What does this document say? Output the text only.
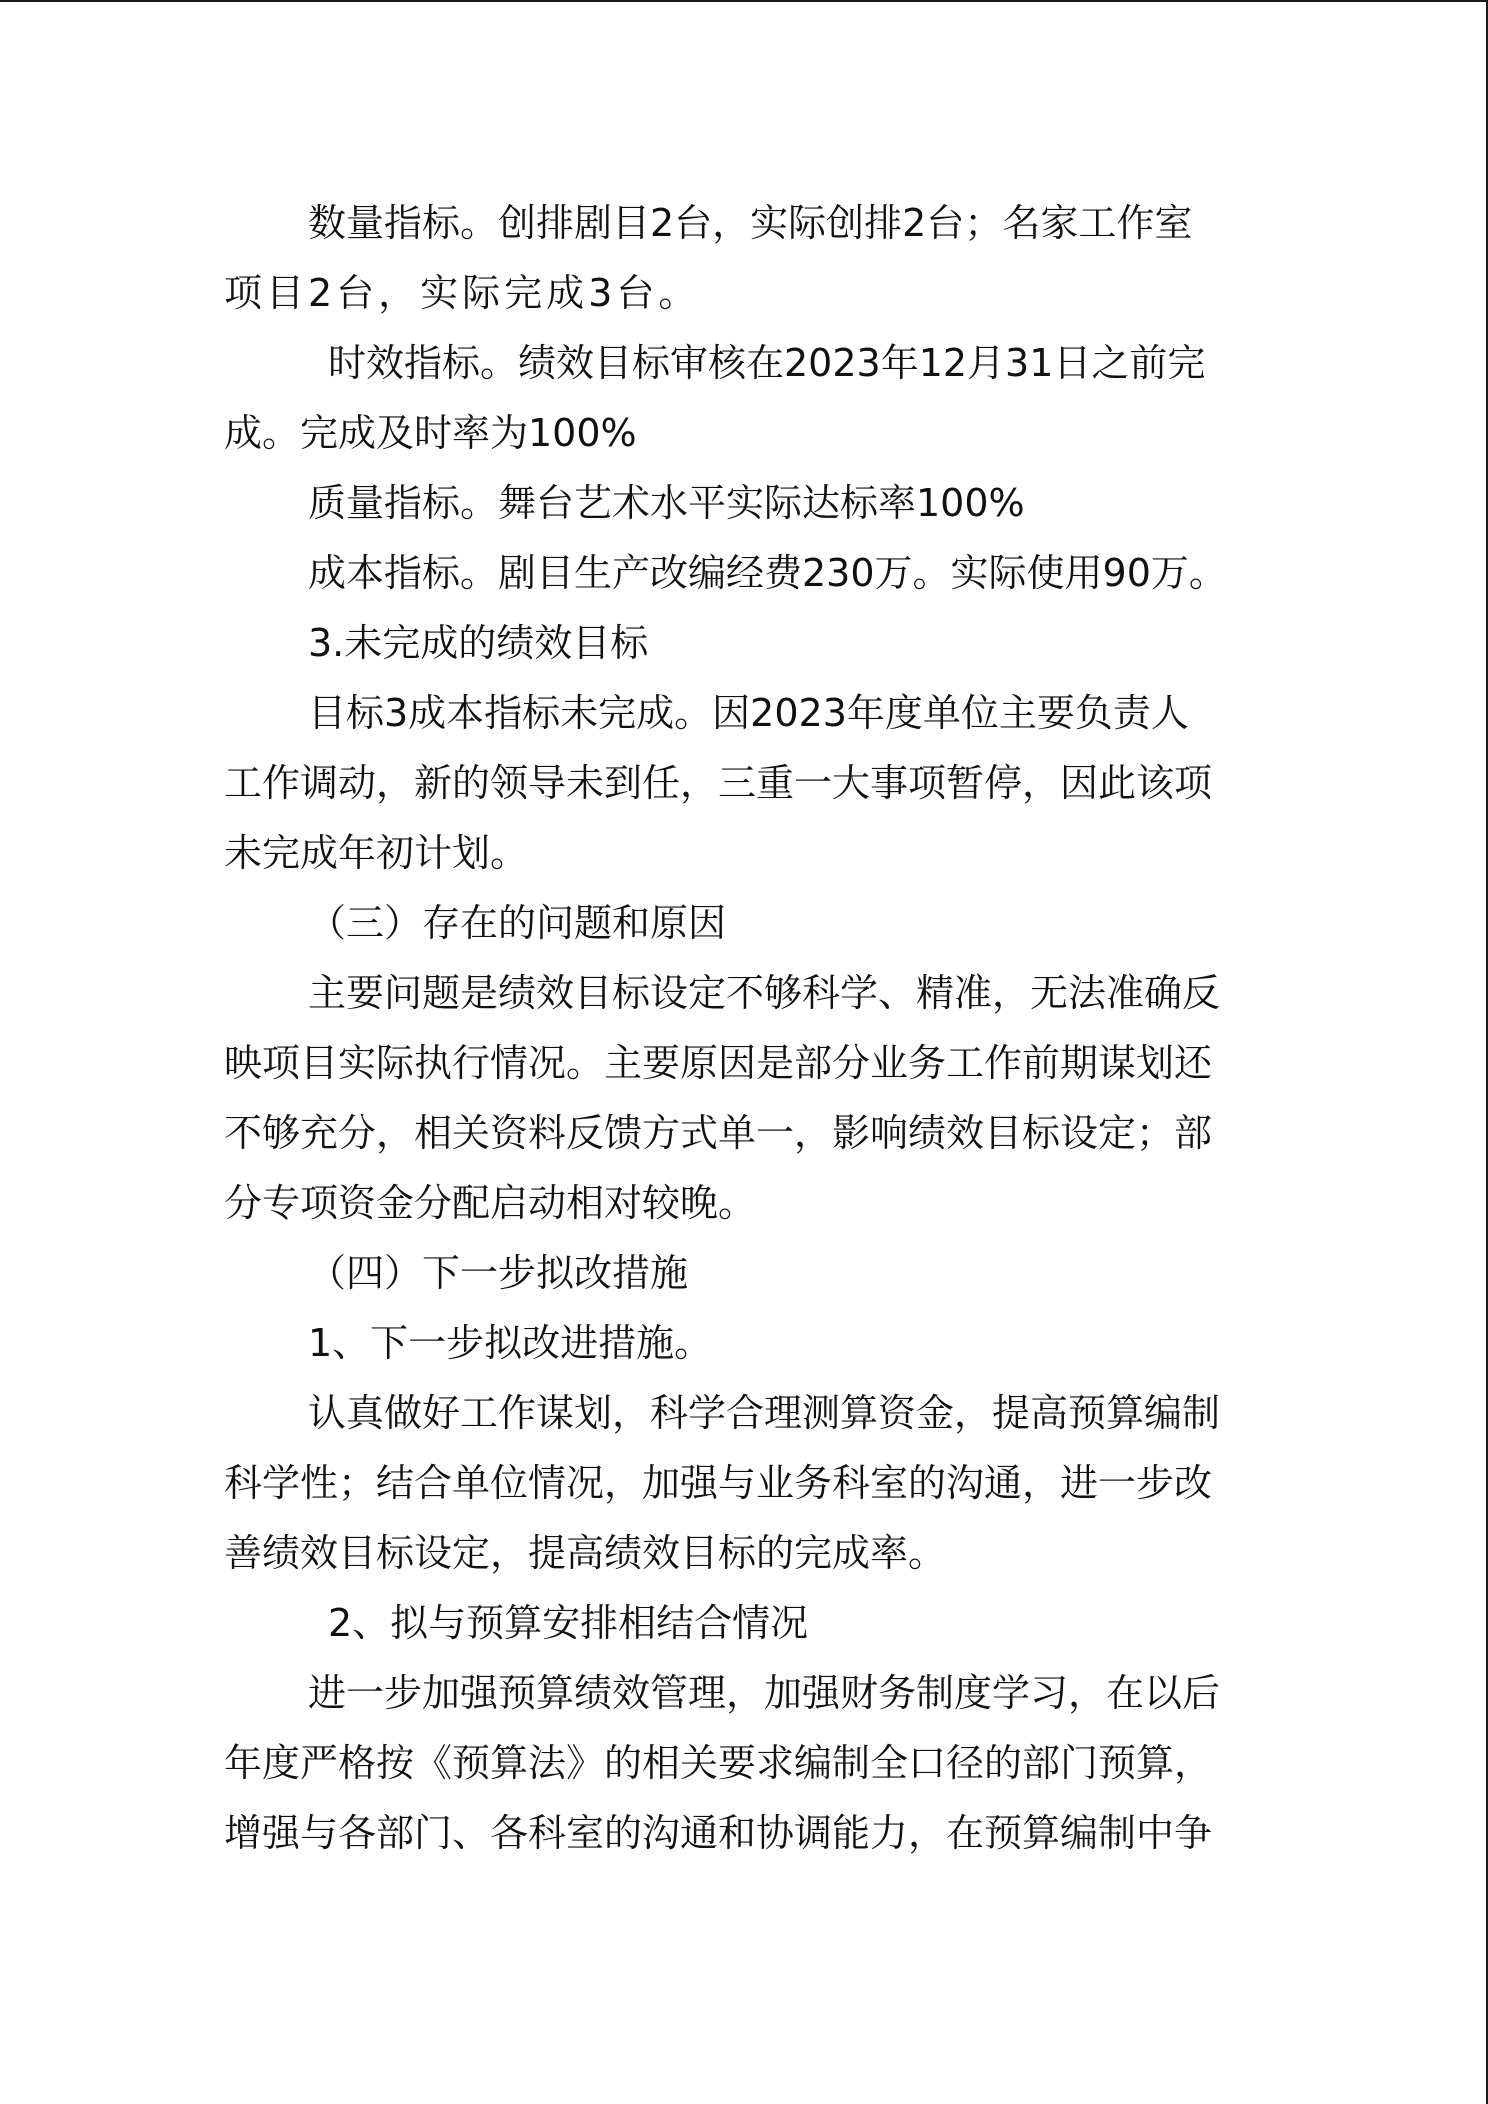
数量指标。创排剧目2台，实际创排2台；名家工作室
项目2台，实际完成3台。
时效指标。绩效目标审核在2023年12月31日之前完
成。完成及时率为100%
质量指标。舞台艺术水平实际达标率100%
成本指标。剧目生产改编经费230万。实际使用90万。
3.未完成的绩效目标
目标3成本指标未完成。因2023年度单位主要负责人
工作调动，新的领导未到任，三重一大事项暂停，因此该项
未完成年初计划。
（三）存在的问题和原因
主要问题是绩效目标设定不够科学、精准，无法准确反
映项目实际执行情况。主要原因是部分业务工作前期谋划还
不够充分，相关资料反馈方式单一，影响绩效目标设定；部
分专项资金分配启动相对较晚。
（四）下一步拟改措施
1、下一步拟改进措施。
认真做好工作谋划，科学合理测算资金，提高预算编制
科学性；结合单位情况，加强与业务科室的沟通，进一步改
善绩效目标设定，提高绩效目标的完成率。
2、拟与预算安排相结合情况
进一步加强预算绩效管理，加强财务制度学习，在以后
年度严格按《预算法》的相关要求编制全口径的部门预算，
增强与各部门、各科室的沟通和协调能力，在预算编制中争
